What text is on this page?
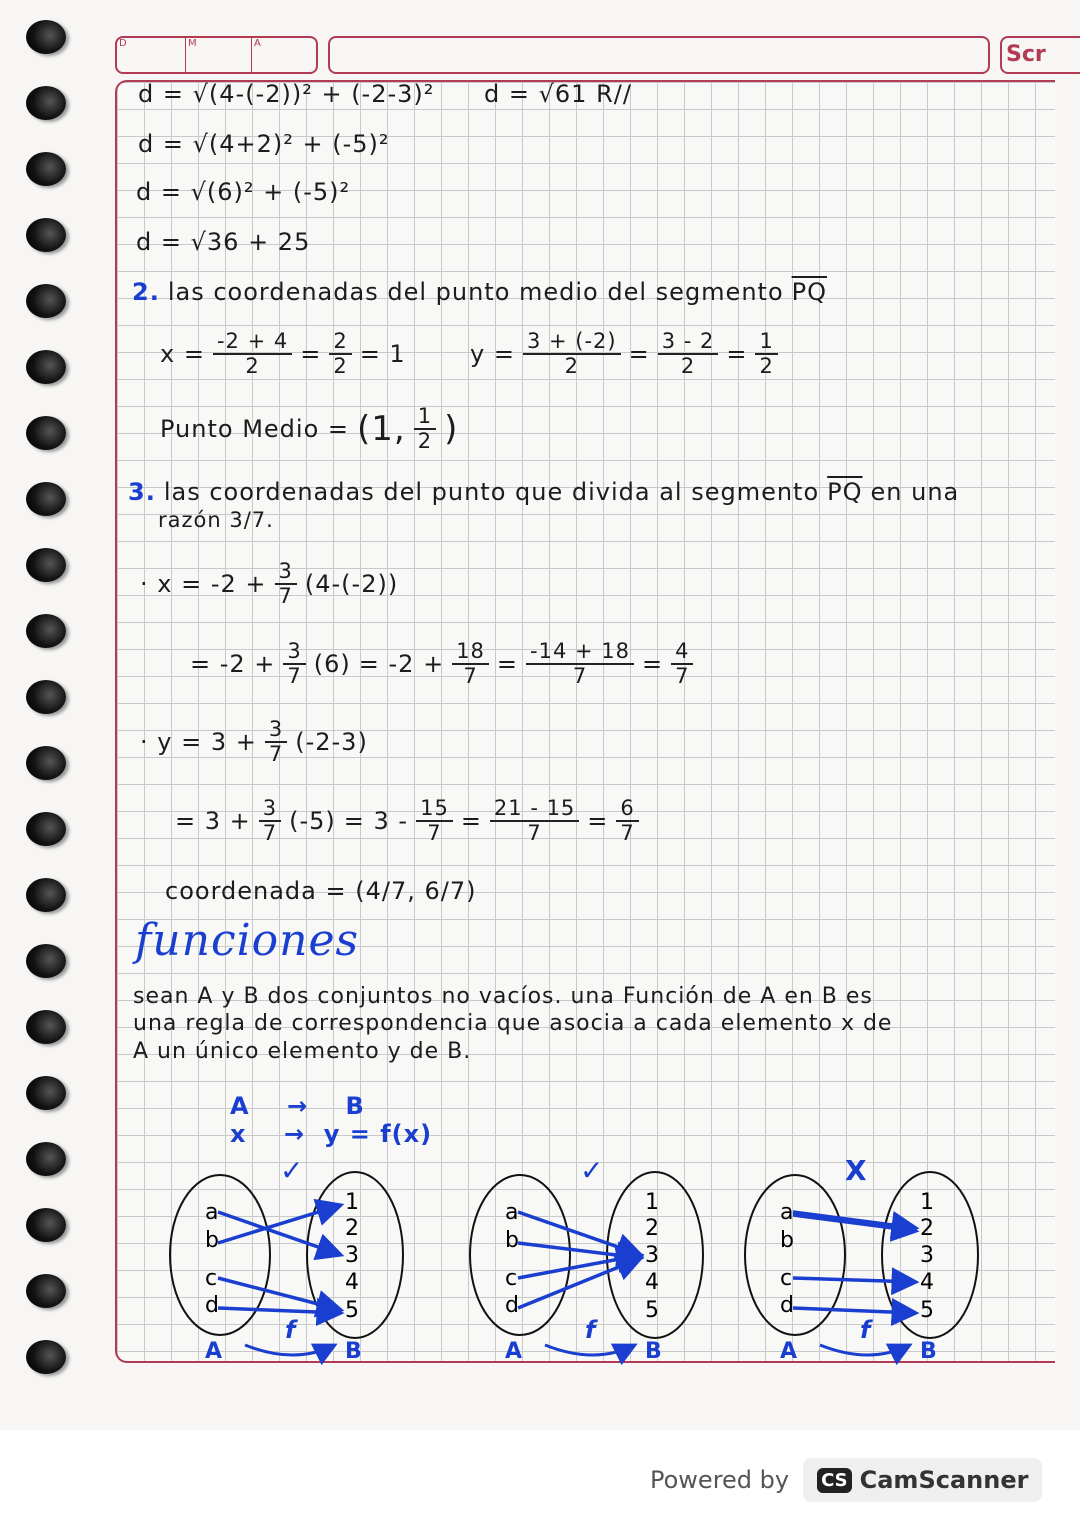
D	M	A	Scr
d = √(4-(-2))² + (-2-3)² d = √61 R//
d = √(4+2)² + (-5)²
d = √(6)² + (-5)²
d = √36 + 25
2. las coordenadas del punto medio del segmento $\overline{PQ}$
$x = \frac{-2 + 4}{2} = \frac{2}{2} = 1$	$y = \frac{3 + (-2)}{2} = \frac{3 - 2}{2} = \frac{1}{2}$
Punto Medio = (1, $\frac{1}{2}$ )
3. las coordenadas del punto que divida al segmento $\overline{PQ}$ en una
razón 3/7.
· $x = -2 + \frac{3}{7} (4-(-2))$
= $-2 + \frac{3}{7} (6) = -2 + \frac{18}{7} = \frac{-14 + 18}{7} = \frac{4}{7}$
· $y = 3 + \frac{3}{7} (-2-3)$
= $3 + \frac{3}{7} (-5) = 3 - \frac{15}{7} = \frac{21 - 15}{7} = \frac{6}{7}$
coordenada = (4/7, 6/7)
funciones
sean A y B dos conjuntos no vacíos. una Función de A en B es
una regla de correspondencia que asocia a cada elemento x de
A un único elemento y de B.
A    →    B
x    →  y = f(x)
✓
a
b
c
d
1
2
3
4
5
A	B
f
✓
a
b
c
d
1
2
3
4
5
A	B
f
X
a
b
c
d
1
2
3
4
5
A	B
f
Powered by CS CamScanner
